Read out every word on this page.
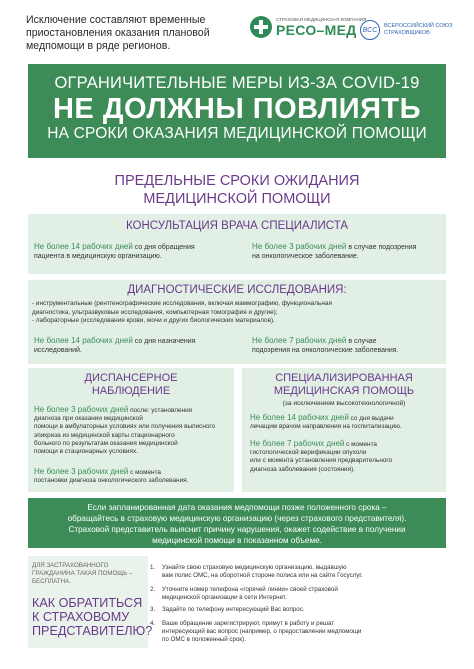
Исключение составляют временные приостановления оказания плановой медпомощи в ряде регионов.
СТРАХОВАЯ МЕДИЦИНСКАЯ КОМПАНИЯ
РЕСО–МЕД ВСС
ВСЕРОССИЙСКИЙ СОЮЗ СТРАХОВЩИКОВ
ОГРАНИЧИТЕЛЬНЫЕ МЕРЫ ИЗ-ЗА COVID-19
НЕ ДОЛЖНЫ ПОВЛИЯТЬ
НА СРОКИ ОКАЗАНИЯ МЕДИЦИНСКОЙ ПОМОЩИ
ПРЕДЕЛЬНЫЕ СРОКИ ОЖИДАНИЯ
МЕДИЦИНСКОЙ ПОМОЩИ
КОНСУЛЬТАЦИЯ ВРАЧА СПЕЦИАЛИСТА
Не более 14 рабочих дней со дня обращения
пациента в медицинскую организацию.
Не более 3 рабочих дней в случае подозрения
на онкологическое заболевание.
ДИАГНОСТИЧЕСКИЕ ИССЛЕДОВАНИЯ:
- инструментальные (рентгенографические исследования, включая маммографию, функциональная
диагностика, ультразвуковые исследования, компьютерная томография и другие);
- лабораторные (исследования крови, мочи и других биологических материалов).
Не более 14 рабочих дней со дня назначения
исследований.
Не более 7 рабочих дней в случае
подозрения на онкологические заболевания.
ДИСПАНСЕРНОЕ
НАБЛЮДЕНИЕ
Не более 3 рабочих дней после: установления
диагноза при оказании медицинской
помощи в амбулаторных условиях или получения выписного
эпикриза из медицинской карты стационарного
больного по результатам оказания медицинской
помощи в стационарных условиях.
Не более 3 рабочих дней с момента
постановки диагноза онкологического заболевания.
СПЕЦИАЛИЗИРОВАННАЯ
МЕДИЦИНСКАЯ ПОМОЩЬ
(за исключением высокотехнологичной)
Не более 14 рабочих дней со дня выдачи
лечащим врачом направления на госпитализацию.
Не более 7 рабочих дней с момента
гистологической верификации опухоли
или с момента установления предварительного
диагноза заболевания (состояния).
Если запланированная дата оказания медпомощи позже положенного срока –
обращайтесь в страховую медицинскую организацию (через страхового представителя).
Страховой представитель выяснит причину нарушения, окажет содействие в получении
медицинской помощи в показанном объеме.
ДЛЯ ЗАСТРАХОВАННОГО
ГРАЖДАНИНА ТАКАЯ ПОМОЩЬ –
БЕСПЛАТНА.
КАК ОБРАТИТЬСЯ
К СТРАХОВОМУ
ПРЕДСТАВИТЕЛЮ?
1.	Узнайте свою страховую медицинскую организацию, выдавшую
вам полис ОМС, на оборотной стороне полиса или на сайте Госуслуг.
2.	Уточните номер телефона «горячей линии» своей страховой
медицинской организации в сети Интернет.
3.	Задайте по телефону интересующий Вас вопрос.
4.	Ваше обращение зарегистрируют, примут в работу и решат
интересующий вас вопрос (например, о предоставлении медпомощи
по ОМС в положенный срок).
